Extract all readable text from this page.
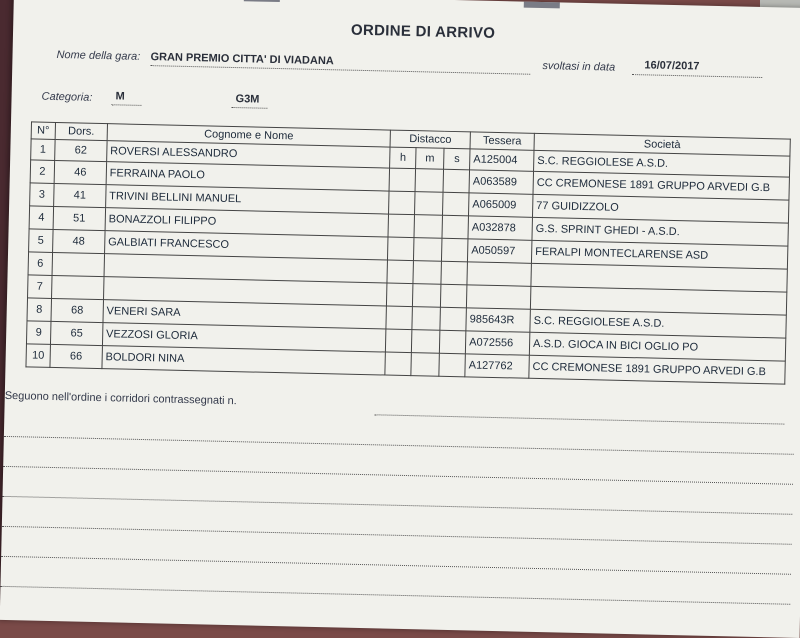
ORDINE DI ARRIVO
Nome della gara: GRAN PREMIO CITTA' DI VIADANA	svoltasi in data	16/07/2017
Categoria: M	G3M
N°	Dors.	Cognome e Nome	Distacco			Tessera	Società
1	62	ROVERSI ALESSANDRO	h	m	s	A125004	S.C. REGGIOLESE A.S.D.
2	46	FERRAINA PAOLO				A063589	CC CREMONESE 1891 GRUPPO ARVEDI G.B
3	41	TRIVINI BELLINI MANUEL				A065009	77 GUIDIZZOLO
4	51	BONAZZOLI FILIPPO				A032878	G.S. SPRINT GHEDI - A.S.D.
5	48	GALBIATI FRANCESCO				A050597	FERALPI MONTECLARENSE ASD
6							
7							
8	68	VENERI SARA				985643R	S.C. REGGIOLESE A.S.D.
9	65	VEZZOSI GLORIA				A072556	A.S.D. GIOCA IN BICI OGLIO PO
10	66	BOLDORI NINA				A127762	CC CREMONESE 1891 GRUPPO ARVEDI G.B
Seguono nell'ordine i corridori contrassegnati n.
